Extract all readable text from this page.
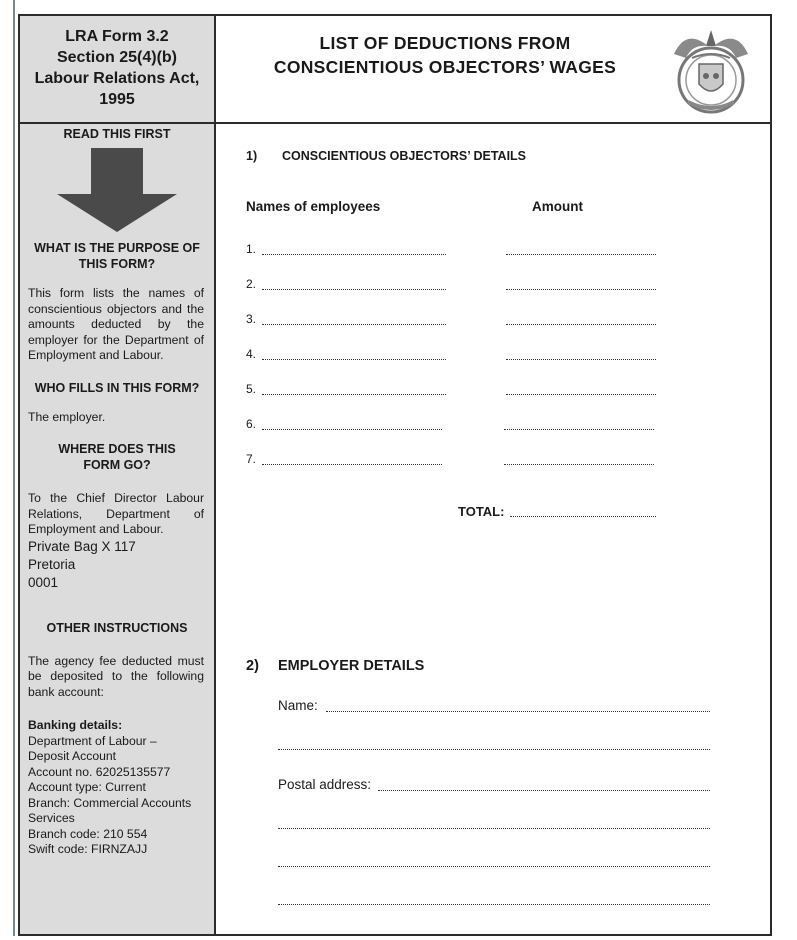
LRA Form 3.2
Section 25(4)(b)
Labour Relations Act,
1995
READ THIS FIRST
WHAT IS THE PURPOSE OF THIS FORM?
This form lists the names of conscientious objectors and the amounts deducted by the employer for the Department of Employment and Labour.
WHO FILLS IN THIS FORM?
The employer.
WHERE DOES THIS FORM GO?
To the Chief Director Labour Relations, Department of Employment and Labour.
Private Bag X 117
Pretoria
0001
OTHER INSTRUCTIONS
The agency fee deducted must be deposited to the following bank account:
Banking details:
Department of Labour –
Deposit Account
Account no. 62025135577
Account type: Current
Branch: Commercial Accounts Services
Branch code: 210 554
Swift code: FIRNZAJJ
LIST OF DEDUCTIONS FROM
CONSCIENTIOUS OBJECTORS’ WAGES
1) CONSCIENTIOUS OBJECTORS’ DETAILS
Names of employees	Amount
1.
2.
3.
4.
5.
6.
7.
TOTAL:
2) EMPLOYER DETAILS
Name:
Postal address:
